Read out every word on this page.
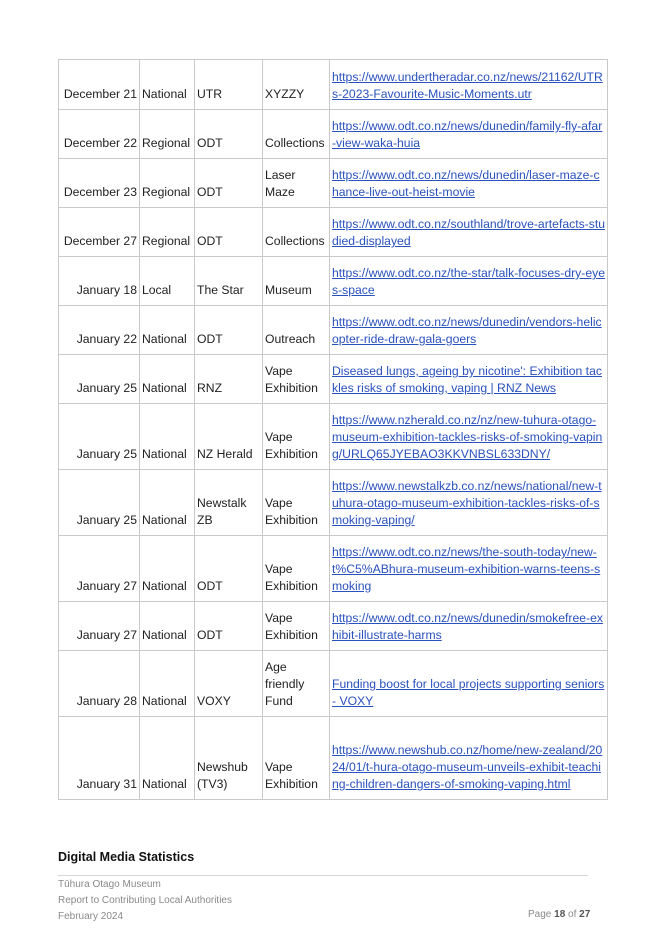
December 21	National	UTR	XYZZY	https://www.undertheradar.co.nz/news/21162/UTRs-2023-Favourite-Music-Moments.utr
December 22	Regional	ODT	Collections	https://www.odt.co.nz/news/dunedin/family-fly-afar-view-waka-huia
December 23	Regional	ODT	Laser Maze	https://www.odt.co.nz/news/dunedin/laser-maze-chance-live-out-heist-movie
December 27	Regional	ODT	Collections	https://www.odt.co.nz/southland/trove-artefacts-studied-displayed
January 18	Local	The Star	Museum	https://www.odt.co.nz/the-star/talk-focuses-dry-eyes-space
January 22	National	ODT	Outreach	https://www.odt.co.nz/news/dunedin/vendors-helicopter-ride-draw-gala-goers
January 25	National	RNZ	Vape Exhibition	Diseased lungs, ageing by nicotine': Exhibition tackles risks of smoking, vaping | RNZ News
January 25	National	NZ Herald	Vape Exhibition	https://www.nzherald.co.nz/nz/new-tuhura-otago-museum-exhibition-tackles-risks-of-smoking-vaping/URLQ65JYEBAO3KKVNBSL633DNY/
January 25	National	Newstalk ZB	Vape Exhibition	https://www.newstalkzb.co.nz/news/national/new-tuhura-otago-museum-exhibition-tackles-risks-of-smoking-vaping/
January 27	National	ODT	Vape Exhibition	https://www.odt.co.nz/news/the-south-today/new-t%C5%ABhura-museum-exhibition-warns-teens-smoking
January 27	National	ODT	Vape Exhibition	https://www.odt.co.nz/news/dunedin/smokefree-exhibit-illustrate-harms
January 28	National	VOXY	Age friendly Fund	Funding boost for local projects supporting seniors - VOXY
January 31	National	Newshub (TV3)	Vape Exhibition	https://www.newshub.co.nz/home/new-zealand/2024/01/t-hura-otago-museum-unveils-exhibit-teaching-children-dangers-of-smoking-vaping.html
Digital Media Statistics
Tūhura Otago Museum
Report to Contributing Local Authorities
February 2024	Page 18 of 27
